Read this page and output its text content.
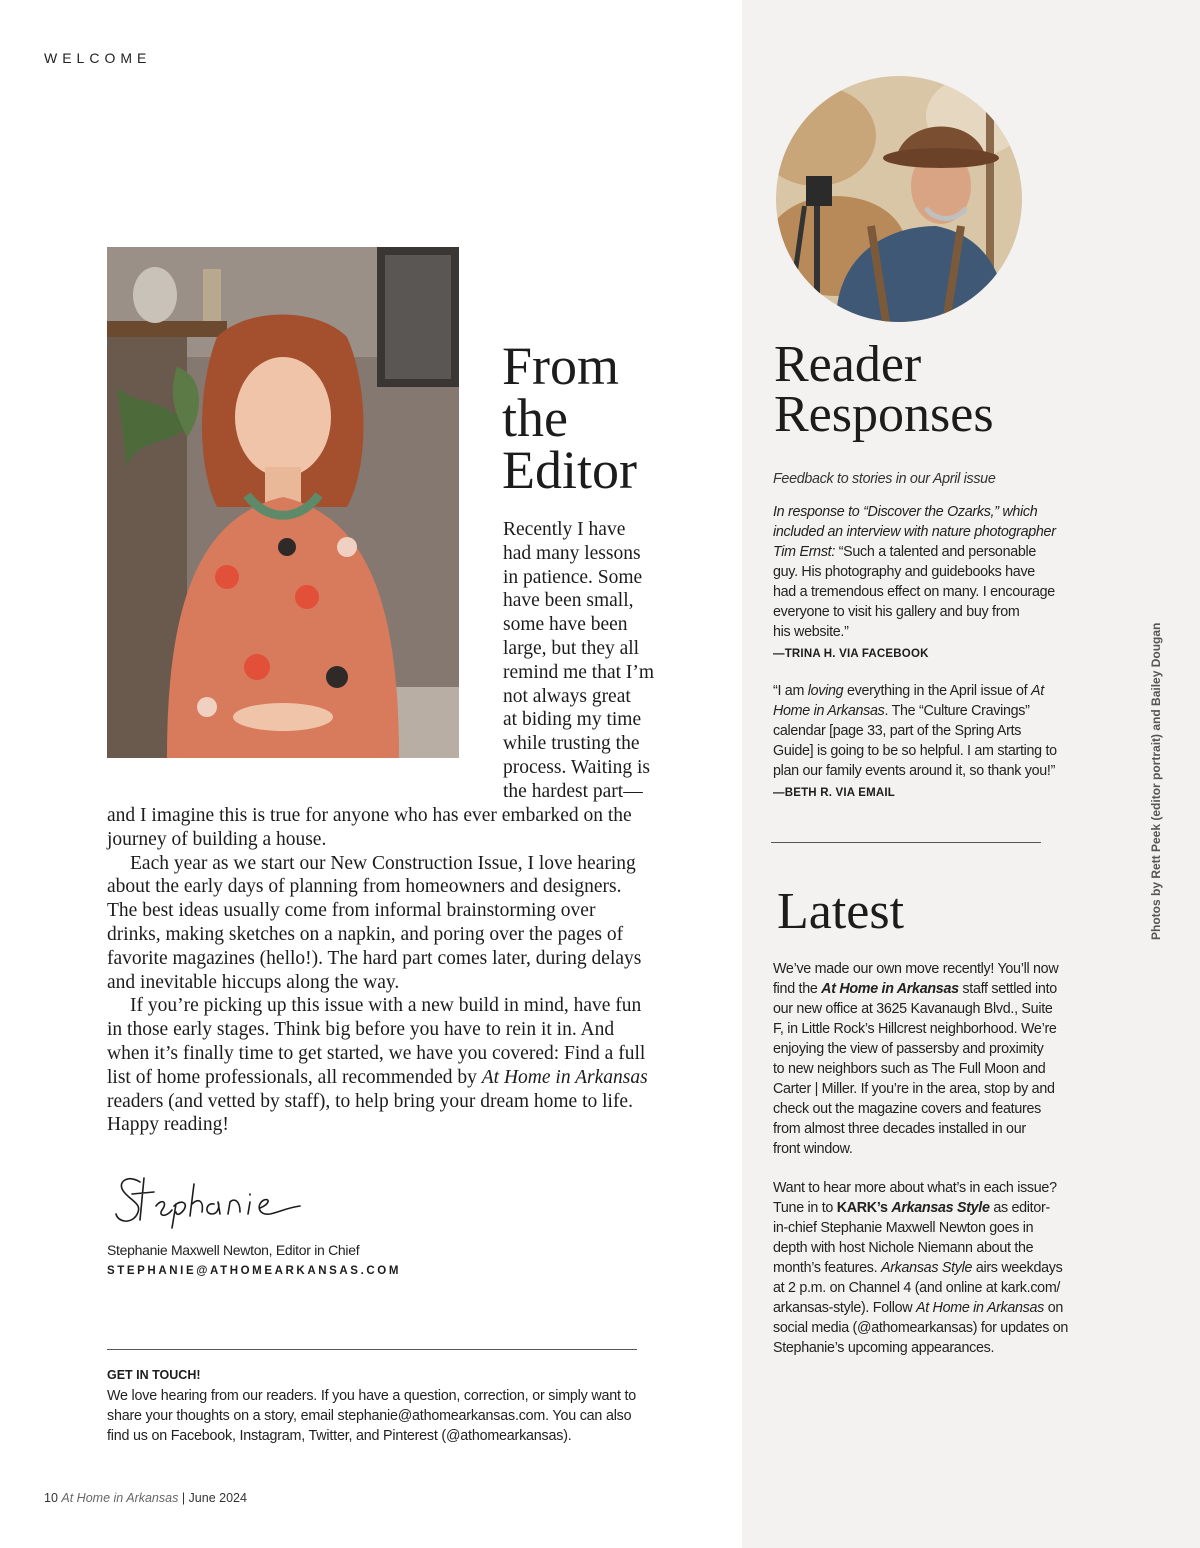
WELCOME
From
the
Editor
Recently I have
had many lessons
in patience. Some
have been small,
some have been
large, but they all
remind me that I’m
not always great
at biding my time
while trusting the
process. Waiting is
the hardest part—

and I imagine this is true for anyone who has ever embarked on the
journey of building a house.

Each year as we start our New Construction Issue, I love hearing
about the early days of planning from homeowners and designers.
The best ideas usually come from informal brainstorming over
drinks, making sketches on a napkin, and poring over the pages of
favorite magazines (hello!). The hard part comes later, during delays
and inevitable hiccups along the way.

If you’re picking up this issue with a new build in mind, have fun
in those early stages. Think big before you have to rein it in. And
when it’s finally time to get started, we have you covered: Find a full
list of home professionals, all recommended by At Home in Arkansas
readers (and vetted by staff), to help bring your dream home to life.
Happy reading!

Stephanie Maxwell Newton, Editor in Chief
STEPHANIE@ATHOMEARKANSAS.COM
GET IN TOUCH!
We love hearing from our readers. If you have a question, correction, or simply want to
share your thoughts on a story, email stephanie@athomearkansas.com. You can also
find us on Facebook, Instagram, Twitter, and Pinterest (@athomearkansas).
10 At Home in Arkansas | June 2024
Reader
Responses
Feedback to stories in our April issue
In response to “Discover the Ozarks,” which
included an interview with nature photographer
Tim Ernst: “Such a talented and personable
guy. His photography and guidebooks have
had a tremendous effect on many. I encourage
everyone to visit his gallery and buy from
his website.”
—TRINA H. VIA FACEBOOK
“I am loving everything in the April issue of At
Home in Arkansas. The “Culture Cravings”
calendar [page 33, part of the Spring Arts
Guide] is going to be so helpful. I am starting to
plan our family events around it, so thank you!”
—BETH R. VIA EMAIL
Latest
We’ve made our own move recently! You’ll now
find the At Home in Arkansas staff settled into
our new office at 3625 Kavanaugh Blvd., Suite
F, in Little Rock’s Hillcrest neighborhood. We’re
enjoying the view of passersby and proximity
to new neighbors such as The Full Moon and
Carter | Miller. If you’re in the area, stop by and
check out the magazine covers and features
from almost three decades installed in our
front window.
Want to hear more about what’s in each issue?
Tune in to KARK’s Arkansas Style as editor-
in-chief Stephanie Maxwell Newton goes in
depth with host Nichole Niemann about the
month’s features. Arkansas Style airs weekdays
at 2 p.m. on Channel 4 (and online at kark.com/
arkansas-style). Follow At Home in Arkansas on
social media (@athomearkansas) for updates on
Stephanie’s upcoming appearances.
Photos by Rett Peek (editor portrait) and Bailey Dougan
